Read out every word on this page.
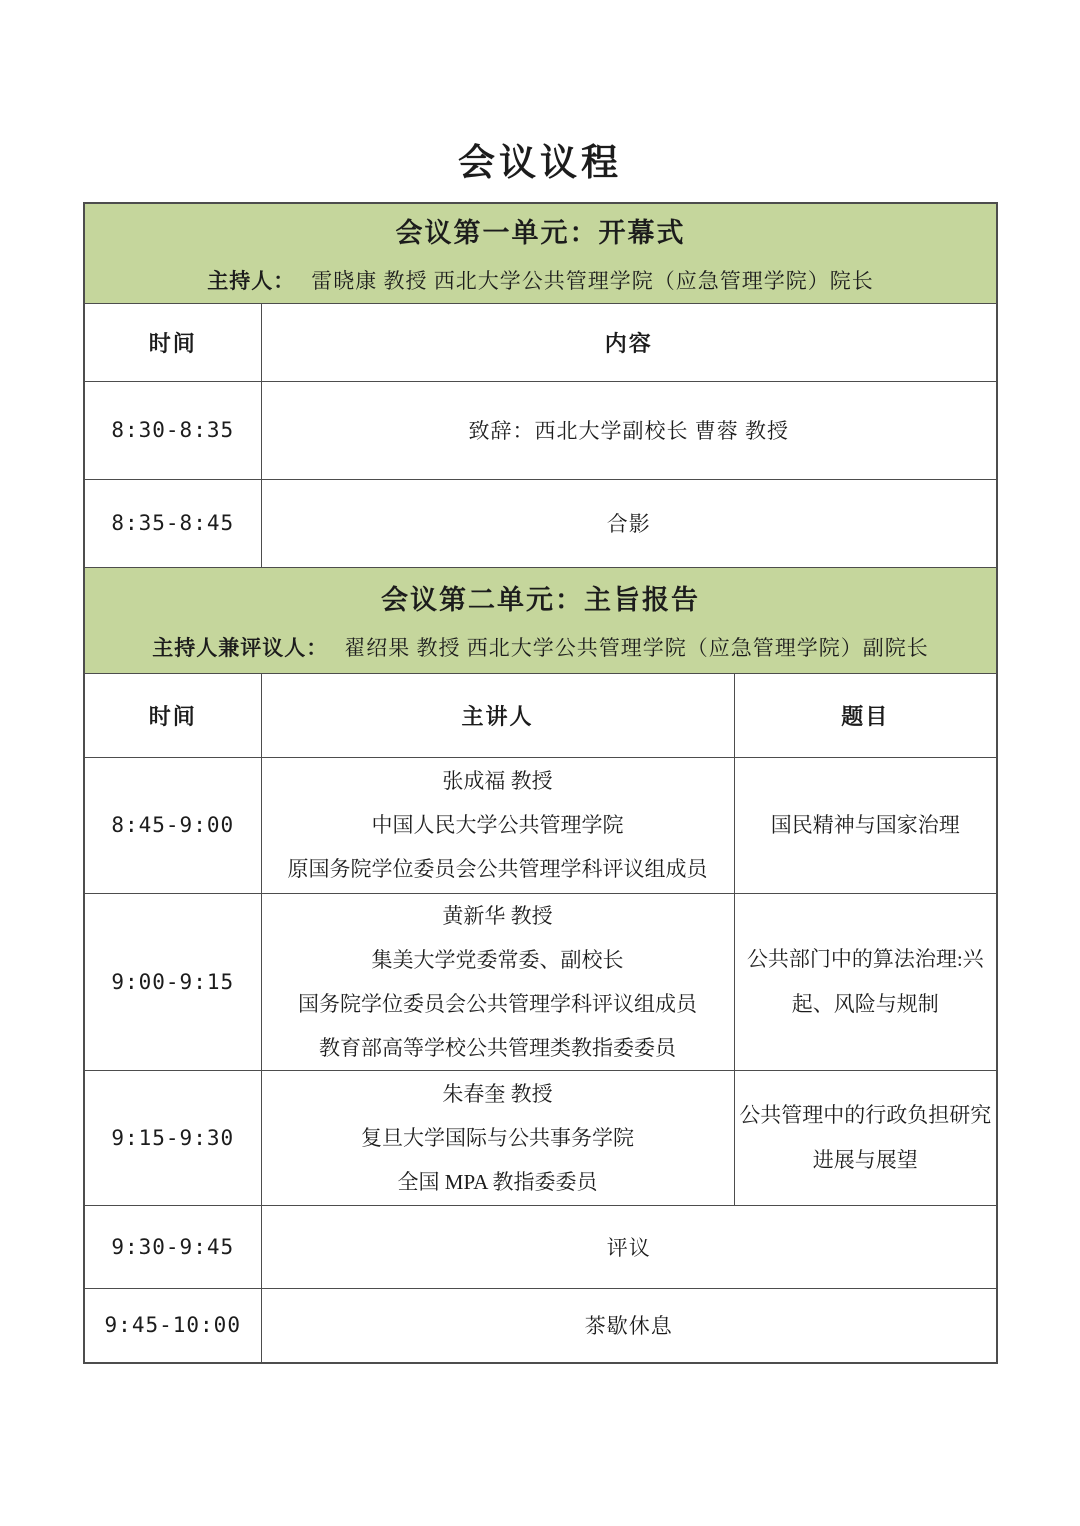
会议议程
会议第一单元：开幕式
主持人： 雷晓康 教授 西北大学公共管理学院（应急管理学院）院长		

时间	内容	
8:30-8:35	致辞：西北大学副校长 曹蓉 教授	
8:35-8:45	合影	

会议第二单元：主旨报告
主持人兼评议人： 翟绍果 教授 西北大学公共管理学院（应急管理学院）副院长		

时间	主讲人	题目
8:45-9:00	张成福 教授
中国人民大学公共管理学院
原国务院学位委员会公共管理学科评议组成员	国民精神与国家治理
9:00-9:15	黄新华 教授
集美大学党委常委、副校长
国务院学位委员会公共管理学科评议组成员
教育部高等学校公共管理类教指委委员	公共部门中的算法治理:兴起、风险与规制
9:15-9:30	朱春奎 教授
复旦大学国际与公共事务学院
全国 MPA 教指委委员	公共管理中的行政负担研究进展与展望
9:30-9:45	评议	
9:45-10:00	茶歇休息	
